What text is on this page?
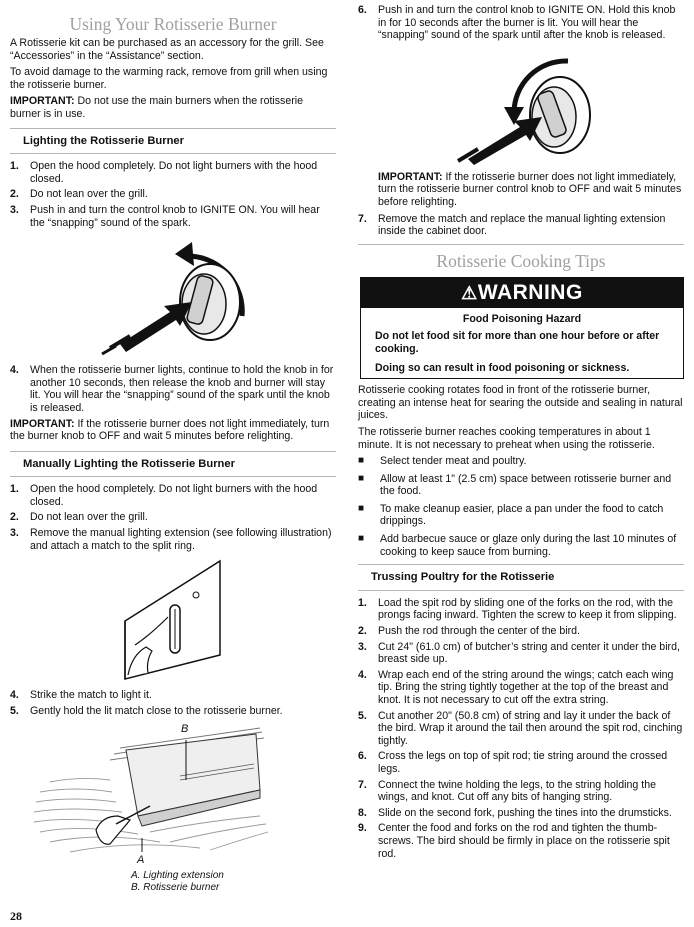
Using Your Rotisserie Burner

A Rotisserie kit can be purchased as an accessory for the grill. See “Accessories” in the “Assistance” section.

To avoid damage to the warming rack, remove from grill when using the rotisserie burner.

IMPORTANT: Do not use the main burners when the rotisserie burner is in use.

Lighting the Rotisserie Burner
1.	Open the hood completely. Do not light burners with the hood closed.
2.	Do not lean over the grill.
3.	Push in and turn the control knob to IGNITE ON. You will hear the “snapping” sound of the spark.
4.	When the rotisserie burner lights, continue to hold the knob in for another 10 seconds, then release the knob and burner will stay lit. You will hear the “snapping” sound of the spark until the knob is released.

IMPORTANT: If the rotisserie burner does not light immediately, turn the burner knob to OFF and wait 5 minutes before relighting.

Manually Lighting the Rotisserie Burner
1.	Open the hood completely. Do not light burners with the hood closed.
2.	Do not lean over the grill.
3.	Remove the manual lighting extension (see following illustration) and attach a match to the split ring.
4.	Strike the match to light it.
5.	Gently hold the lit match close to the rotisserie burner.
B
A
A. Lighting extension
B. Rotisserie burner
28
6.	Push in and turn the control knob to IGNITE ON. Hold this knob in for 10 seconds after the burner is lit. You will hear the “snapping” sound of the spark until after the knob is released.

IMPORTANT: If the rotisserie burner does not light immediately, turn the rotisserie burner control knob to OFF and wait 5 minutes before relighting.

7.	Remove the match and replace the manual lighting extension inside the cabinet door.
Rotisserie Cooking Tips
⚠WARNING
Food Poisoning Hazard
Do not let food sit for more than one hour before or after cooking.
Doing so can result in food poisoning or sickness.

Rotisserie cooking rotates food in front of the rotisserie burner, creating an intense heat for searing the outside and sealing in natural juices.

The rotisserie burner reaches cooking temperatures in about 1 minute. It is not necessary to preheat when using the rotisserie.

■	Select tender meat and poultry.
■	Allow at least 1" (2.5 cm) space between rotisserie burner and the food.
■	To make cleanup easier, place a pan under the food to catch drippings.
■	Add barbecue sauce or glaze only during the last 10 minutes of cooking to keep sauce from burning.
Trussing Poultry for the Rotisserie
1.	Load the spit rod by sliding one of the forks on the rod, with the prongs facing inward. Tighten the screw to keep it from slipping.
2.	Push the rod through the center of the bird.
3.	Cut 24" (61.0 cm) of butcher’s string and center it under the bird, breast side up.
4.	Wrap each end of the string around the wings; catch each wing tip. Bring the string tightly together at the top of the breast and knot. It is not necessary to cut off the extra string.
5.	Cut another 20" (50.8 cm) of string and lay it under the back of the bird. Wrap it around the tail then around the spit rod, cinching tightly.
6.	Cross the legs on top of spit rod; tie string around the crossed legs.
7.	Connect the twine holding the legs, to the string holding the wings, and knot. Cut off any bits of hanging string.
8.	Slide on the second fork, pushing the tines into the drumsticks.
9.	Center the food and forks on the rod and tighten the thumb-screws. The bird should be firmly in place on the rotisserie spit rod.
